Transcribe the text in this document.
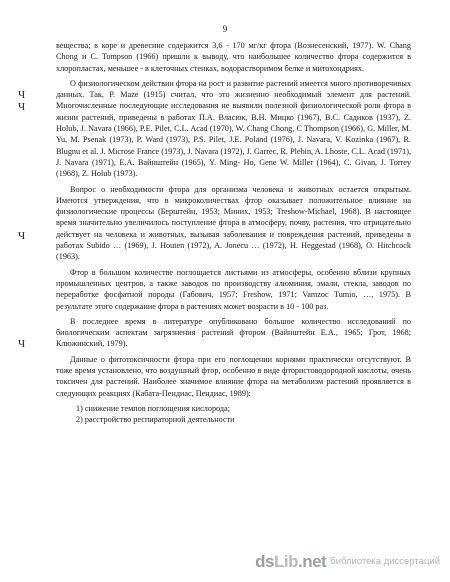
9
Ч
Ч
Ч
Ч

вещества; в коре и древесине содержится 3,6 - 170 мг/кг фтора (Вознесенский, 1977). W. Chang Chong и C. Tompson (1966) пришли к выводу, что наибольшее количество фтора содержится в хлоропластах, меньшее - в клеточных стенках, водорастворимом белке и митохондриях.

О физиологическом действии фтора на рост и развитие растений имеется много противоречивых данных. Так, P. Maze (1915) считал, что это жизненно необходимый элемент для растений. Многочисленные последующие исследования не выявили полезной физиологической роли фтора в жизни растений, приведены в работах П.А. Власюк, В.Н. Мицко (1967), В.С. Садиков (1937), Z. Holub, J. Navara (1966), P.E. Pilet, C.L. Acad (1970), W. Chang Chong, C Thompson (1966), G. Miller, M. Yu, M. Psenak (1973), P. Ward (1973), P.S. Pilet, J.E. Poland (1976), J. Navara, V. Kozinka (1967), R. Blugnu et al. J. Microse France (1973), J. Navara (1972), J. Garrec, R. Plebin, A. Lhoste, C.L. Acad (1971), J. Navara (1971), Е.А. Вайнштейн (1965), Y. Ming- Ho, Gene W. Miller (1964), C. Givan, J. Torrey (1968), Z. Holub (1973).

Вопрос о необходимости фтора для организма человека и животных остается открытым. Имеются утверждения, что в микроколичествах фтор оказывает положительное влияние на физиологические процессы (Берштейн, 1953; Миних, 1953; Treshow-Michael, 1968). В настоящее время значительно увеличилось поступление фтора в атмосферу, почву, растения, что отрицательно действует на человека и животных, вызывая заболевания и повреждения растений, приведены в работах Subido … (1969), J. Houten (1972), A. Joneсu … (1972), H. Heggestad (1968), O. Hitchcock (1963).

Фтор в большом количестве поглощается листьями из атмосферы, особенно вблизи крупных промышленных центров, а также заводов по производству алюминия, эмали, стекла, заводов по переработке фосфатной породы (Габович, 1957; Freshow, 1971; Vamzoc Tumio, …, 1975). В результате этого содержание фтора в растениях может возрасти в 10 - 100 раз.

В последнее время в литературе опубликовано большое количество исследований по биологическим аспектам загрязнения растений фтором (Вайнштейн Е.А., 1965; Грот, 1968; Клюжинский, 1979).

Данные о фитотоксичности фтора при его поглощении корнями практически отсутствуют. В тоже время установлено, что воздушный фтор, особенно в виде фтористоводородной кислоты, очень токсичен для растений. Наиболее значимое влияние фтора на метаболизм растений проявляется в следующих реакциях (Кабата-Пендиас, Пендиас, 1989):

1) снижение темпов поглощения кислорода;
2) расстройство респираторной деятельности
dsLib.net библиотека диссертаций
